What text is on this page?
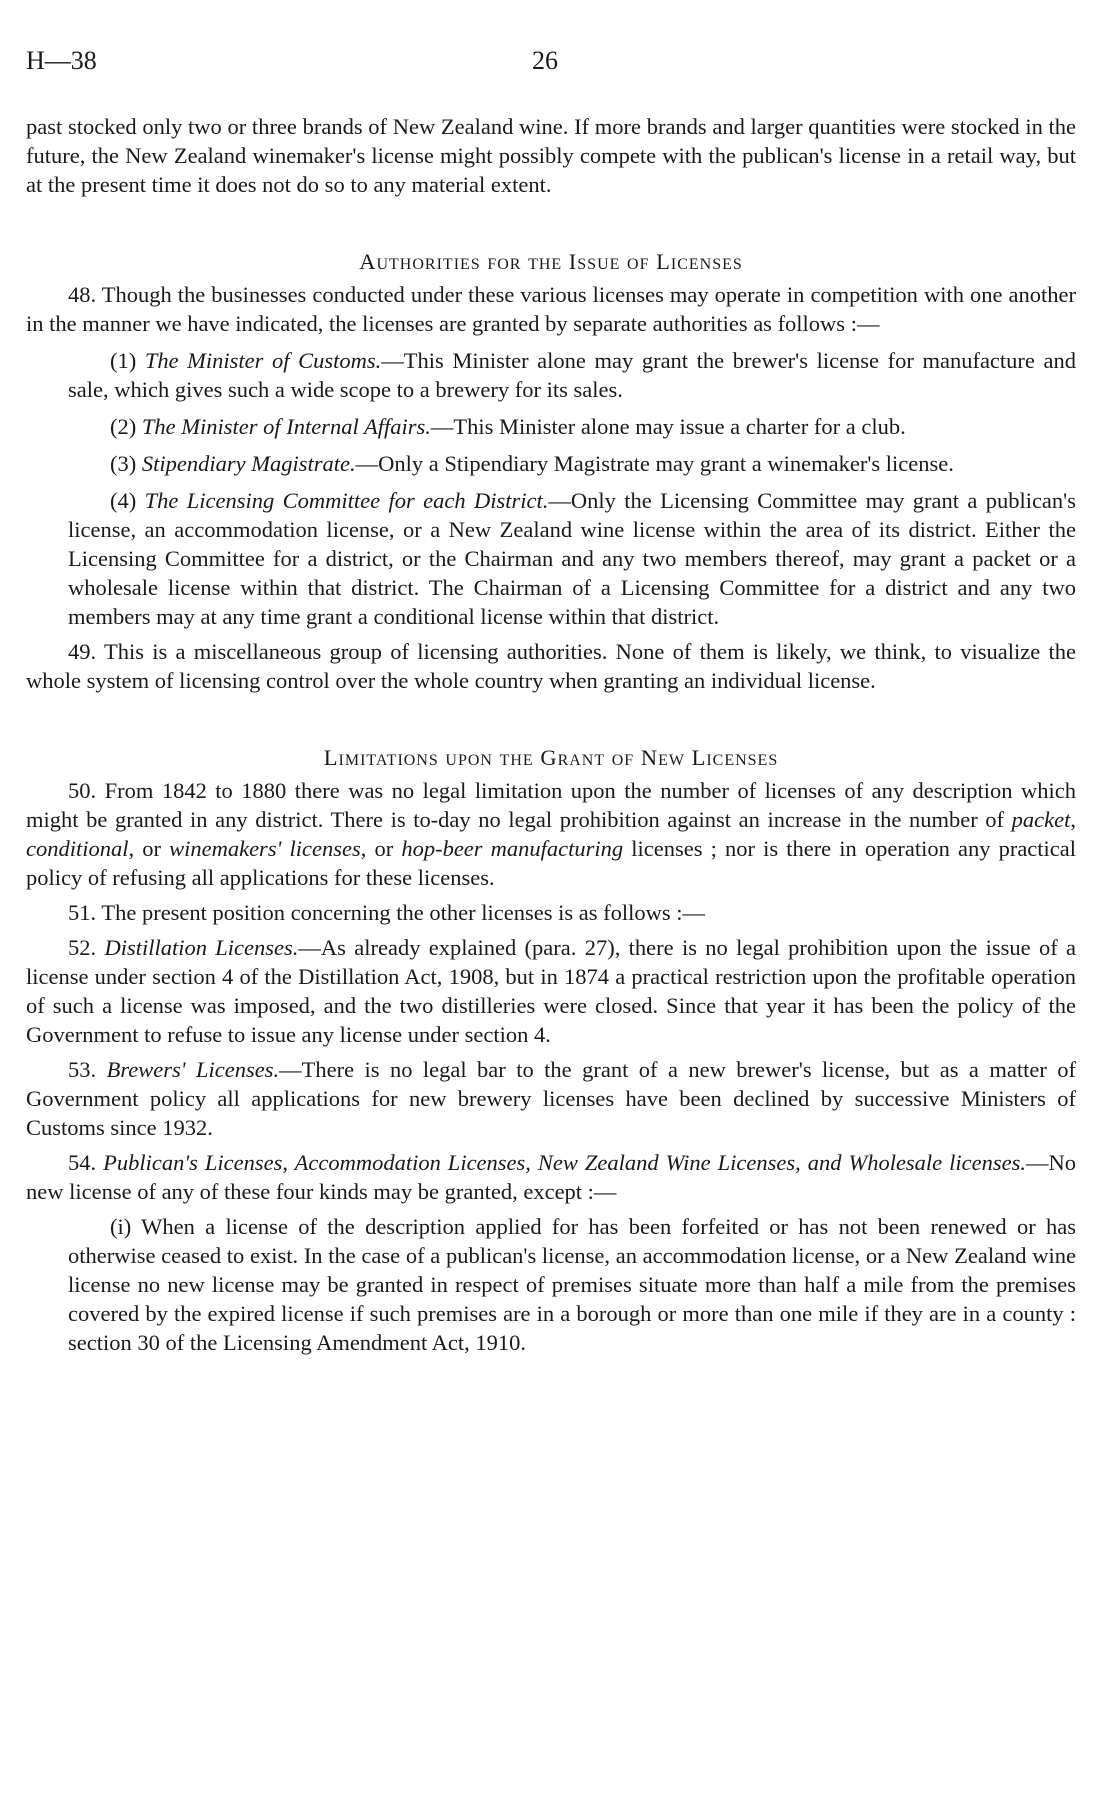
H—38	26

past stocked only two or three brands of New Zealand wine. If more brands and larger quantities were stocked in the future, the New Zealand winemaker's license might possibly compete with the publican's license in a retail way, but at the present time it does not do so to any material extent.

Authorities for the Issue of Licenses

48. Though the businesses conducted under these various licenses may operate in competition with one another in the manner we have indicated, the licenses are granted by separate authorities as follows :—

(1) The Minister of Customs.—This Minister alone may grant the brewer's license for manufacture and sale, which gives such a wide scope to a brewery for its sales.

(2) The Minister of Internal Affairs.—This Minister alone may issue a charter for a club.

(3) Stipendiary Magistrate.—Only a Stipendiary Magistrate may grant a winemaker's license.

(4) The Licensing Committee for each District.—Only the Licensing Committee may grant a publican's license, an accommodation license, or a New Zealand wine license within the area of its district. Either the Licensing Committee for a district, or the Chairman and any two members thereof, may grant a packet or a wholesale license within that district. The Chairman of a Licensing Committee for a district and any two members may at any time grant a conditional license within that district.

49. This is a miscellaneous group of licensing authorities. None of them is likely, we think, to visualize the whole system of licensing control over the whole country when granting an individual license.

Limitations upon the Grant of New Licenses

50. From 1842 to 1880 there was no legal limitation upon the number of licenses of any description which might be granted in any district. There is to-day no legal prohibition against an increase in the number of packet, conditional, or winemakers' licenses, or hop-beer manufacturing licenses ; nor is there in operation any practical policy of refusing all applications for these licenses.

51. The present position concerning the other licenses is as follows :—

52. Distillation Licenses.—As already explained (para. 27), there is no legal prohibition upon the issue of a license under section 4 of the Distillation Act, 1908, but in 1874 a practical restriction upon the profitable operation of such a license was imposed, and the two distilleries were closed. Since that year it has been the policy of the Government to refuse to issue any license under section 4.

53. Brewers' Licenses.—There is no legal bar to the grant of a new brewer's license, but as a matter of Government policy all applications for new brewery licenses have been declined by successive Ministers of Customs since 1932.

54. Publican's Licenses, Accommodation Licenses, New Zealand Wine Licenses, and Wholesale licenses.—No new license of any of these four kinds may be granted, except :—

(i) When a license of the description applied for has been forfeited or has not been renewed or has otherwise ceased to exist. In the case of a publican's license, an accommodation license, or a New Zealand wine license no new license may be granted in respect of premises situate more than half a mile from the premises covered by the expired license if such premises are in a borough or more than one mile if they are in a county : section 30 of the Licensing Amendment Act, 1910.
